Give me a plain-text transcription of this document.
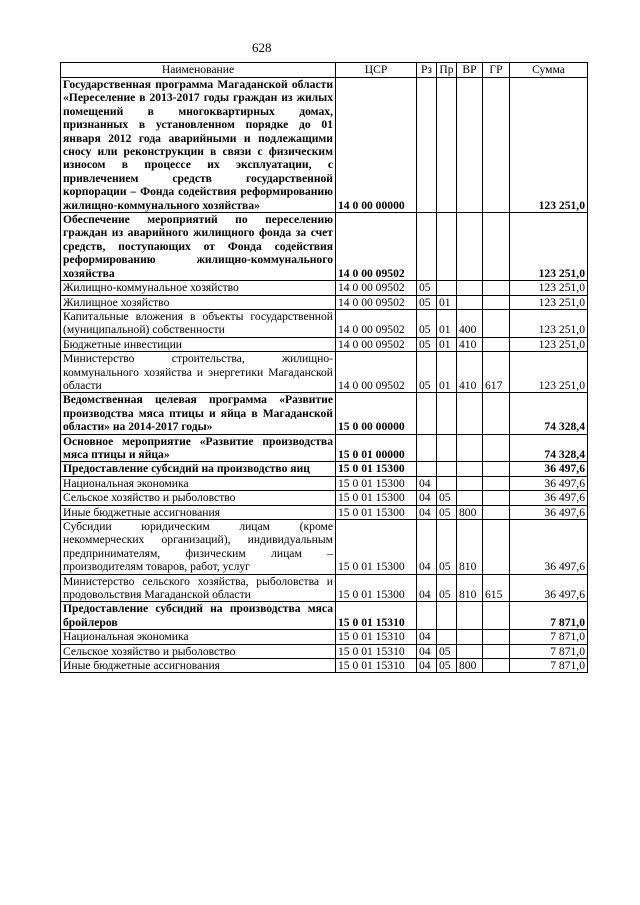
628
Наименование	ЦСР	Рз	Пр	ВР	ГР	Сумма
Государственная программа Магаданской области «Переселение в 2013-2017 годы граждан из жилых помещений в многоквартирных домах, признанных в установленном порядке до 01 января 2012 года аварийными и подлежащими сносу или реконструкции в связи с физическим износом в процессе их эксплуатации, с привлечением средств государственной корпорации – Фонда содействия реформированию жилищно-коммунального хозяйства»	14 0 00 00000					123 251,0
Обеспечение мероприятий по переселению граждан из аварийного жилищного фонда за счет средств, поступающих от Фонда содействия реформированию жилищно-коммунального хозяйства	14 0 00 09502					123 251,0
Жилищно-коммунальное хозяйство	14 0 00 09502	05				123 251,0
Жилищное хозяйство	14 0 00 09502	05	01			123 251,0
Капитальные вложения в объекты государственной (муниципальной) собственности	14 0 00 09502	05	01	400		123 251,0
Бюджетные инвестиции	14 0 00 09502	05	01	410		123 251,0
Министерство строительства, жилищно-коммунального хозяйства и энергетики Магаданской области	14 0 00 09502	05	01	410	617	123 251,0
Ведомственная целевая программа «Развитие производства мяса птицы и яйца в Магаданской области» на 2014-2017 годы»	15 0 00 00000					74 328,4
Основное мероприятие «Развитие производства мяса птицы и яйца»	15 0 01 00000					74 328,4
Предоставление субсидий на производство яиц	15 0 01 15300					36 497,6
Национальная экономика	15 0 01 15300	04				36 497,6
Сельское хозяйство и рыболовство	15 0 01 15300	04	05			36 497,6
Иные бюджетные ассигнования	15 0 01 15300	04	05	800		36 497,6
Субсидии юридическим лицам (кроме некоммерческих организаций), индивидуальным предпринимателям, физическим лицам – производителям товаров, работ, услуг	15 0 01 15300	04	05	810		36 497,6
Министерство сельского хозяйства, рыболовства и продовольствия Магаданской области	15 0 01 15300	04	05	810	615	36 497,6
Предоставление субсидий на производства мяса бройлеров	15 0 01 15310					7 871,0
Национальная экономика	15 0 01 15310	04				7 871,0
Сельское хозяйство и рыболовство	15 0 01 15310	04	05			7 871,0
Иные бюджетные ассигнования	15 0 01 15310	04	05	800		7 871,0
